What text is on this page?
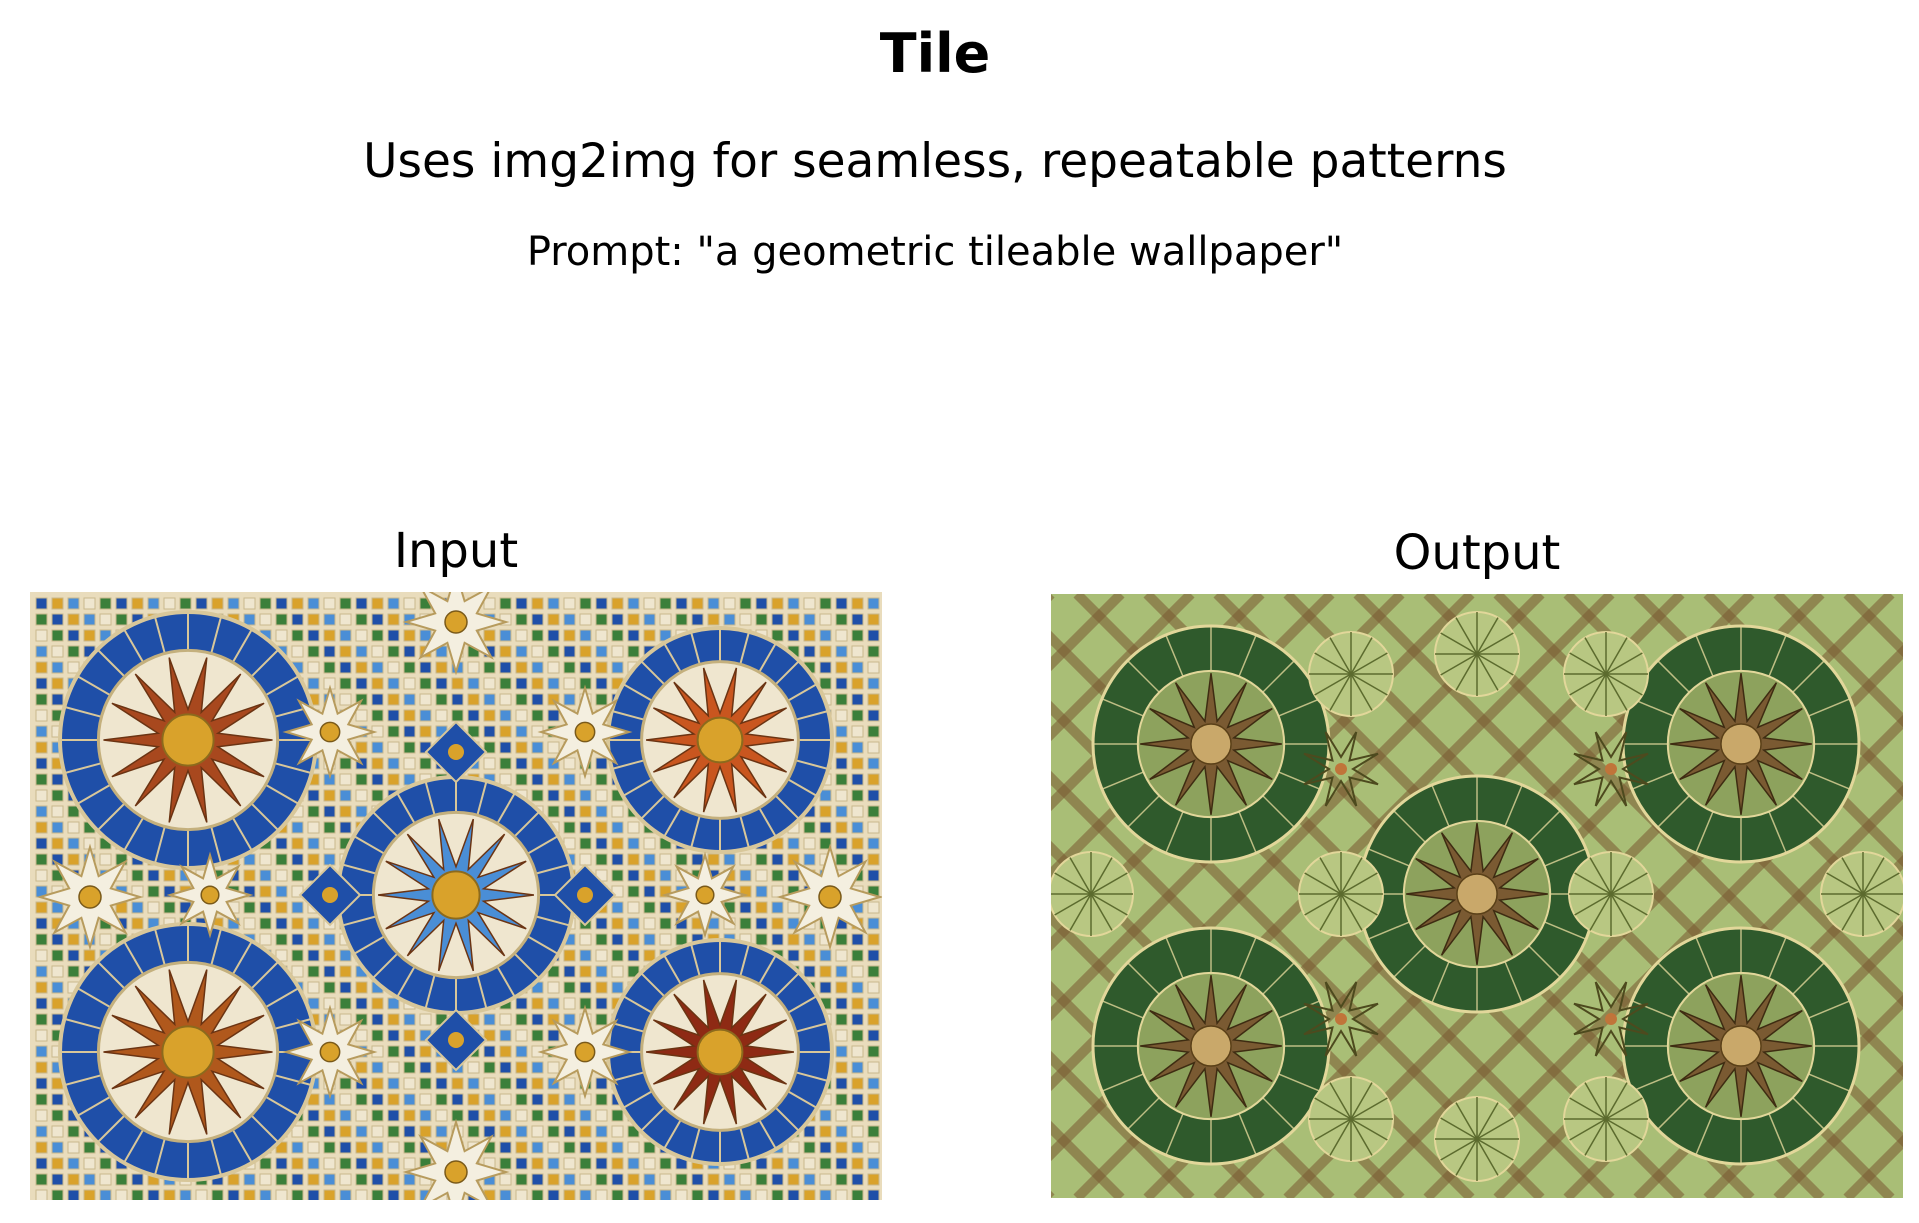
Tile
Uses img2img for seamless, repeatable patterns
Prompt: "a geometric tileable wallpaper"
Input	Output
